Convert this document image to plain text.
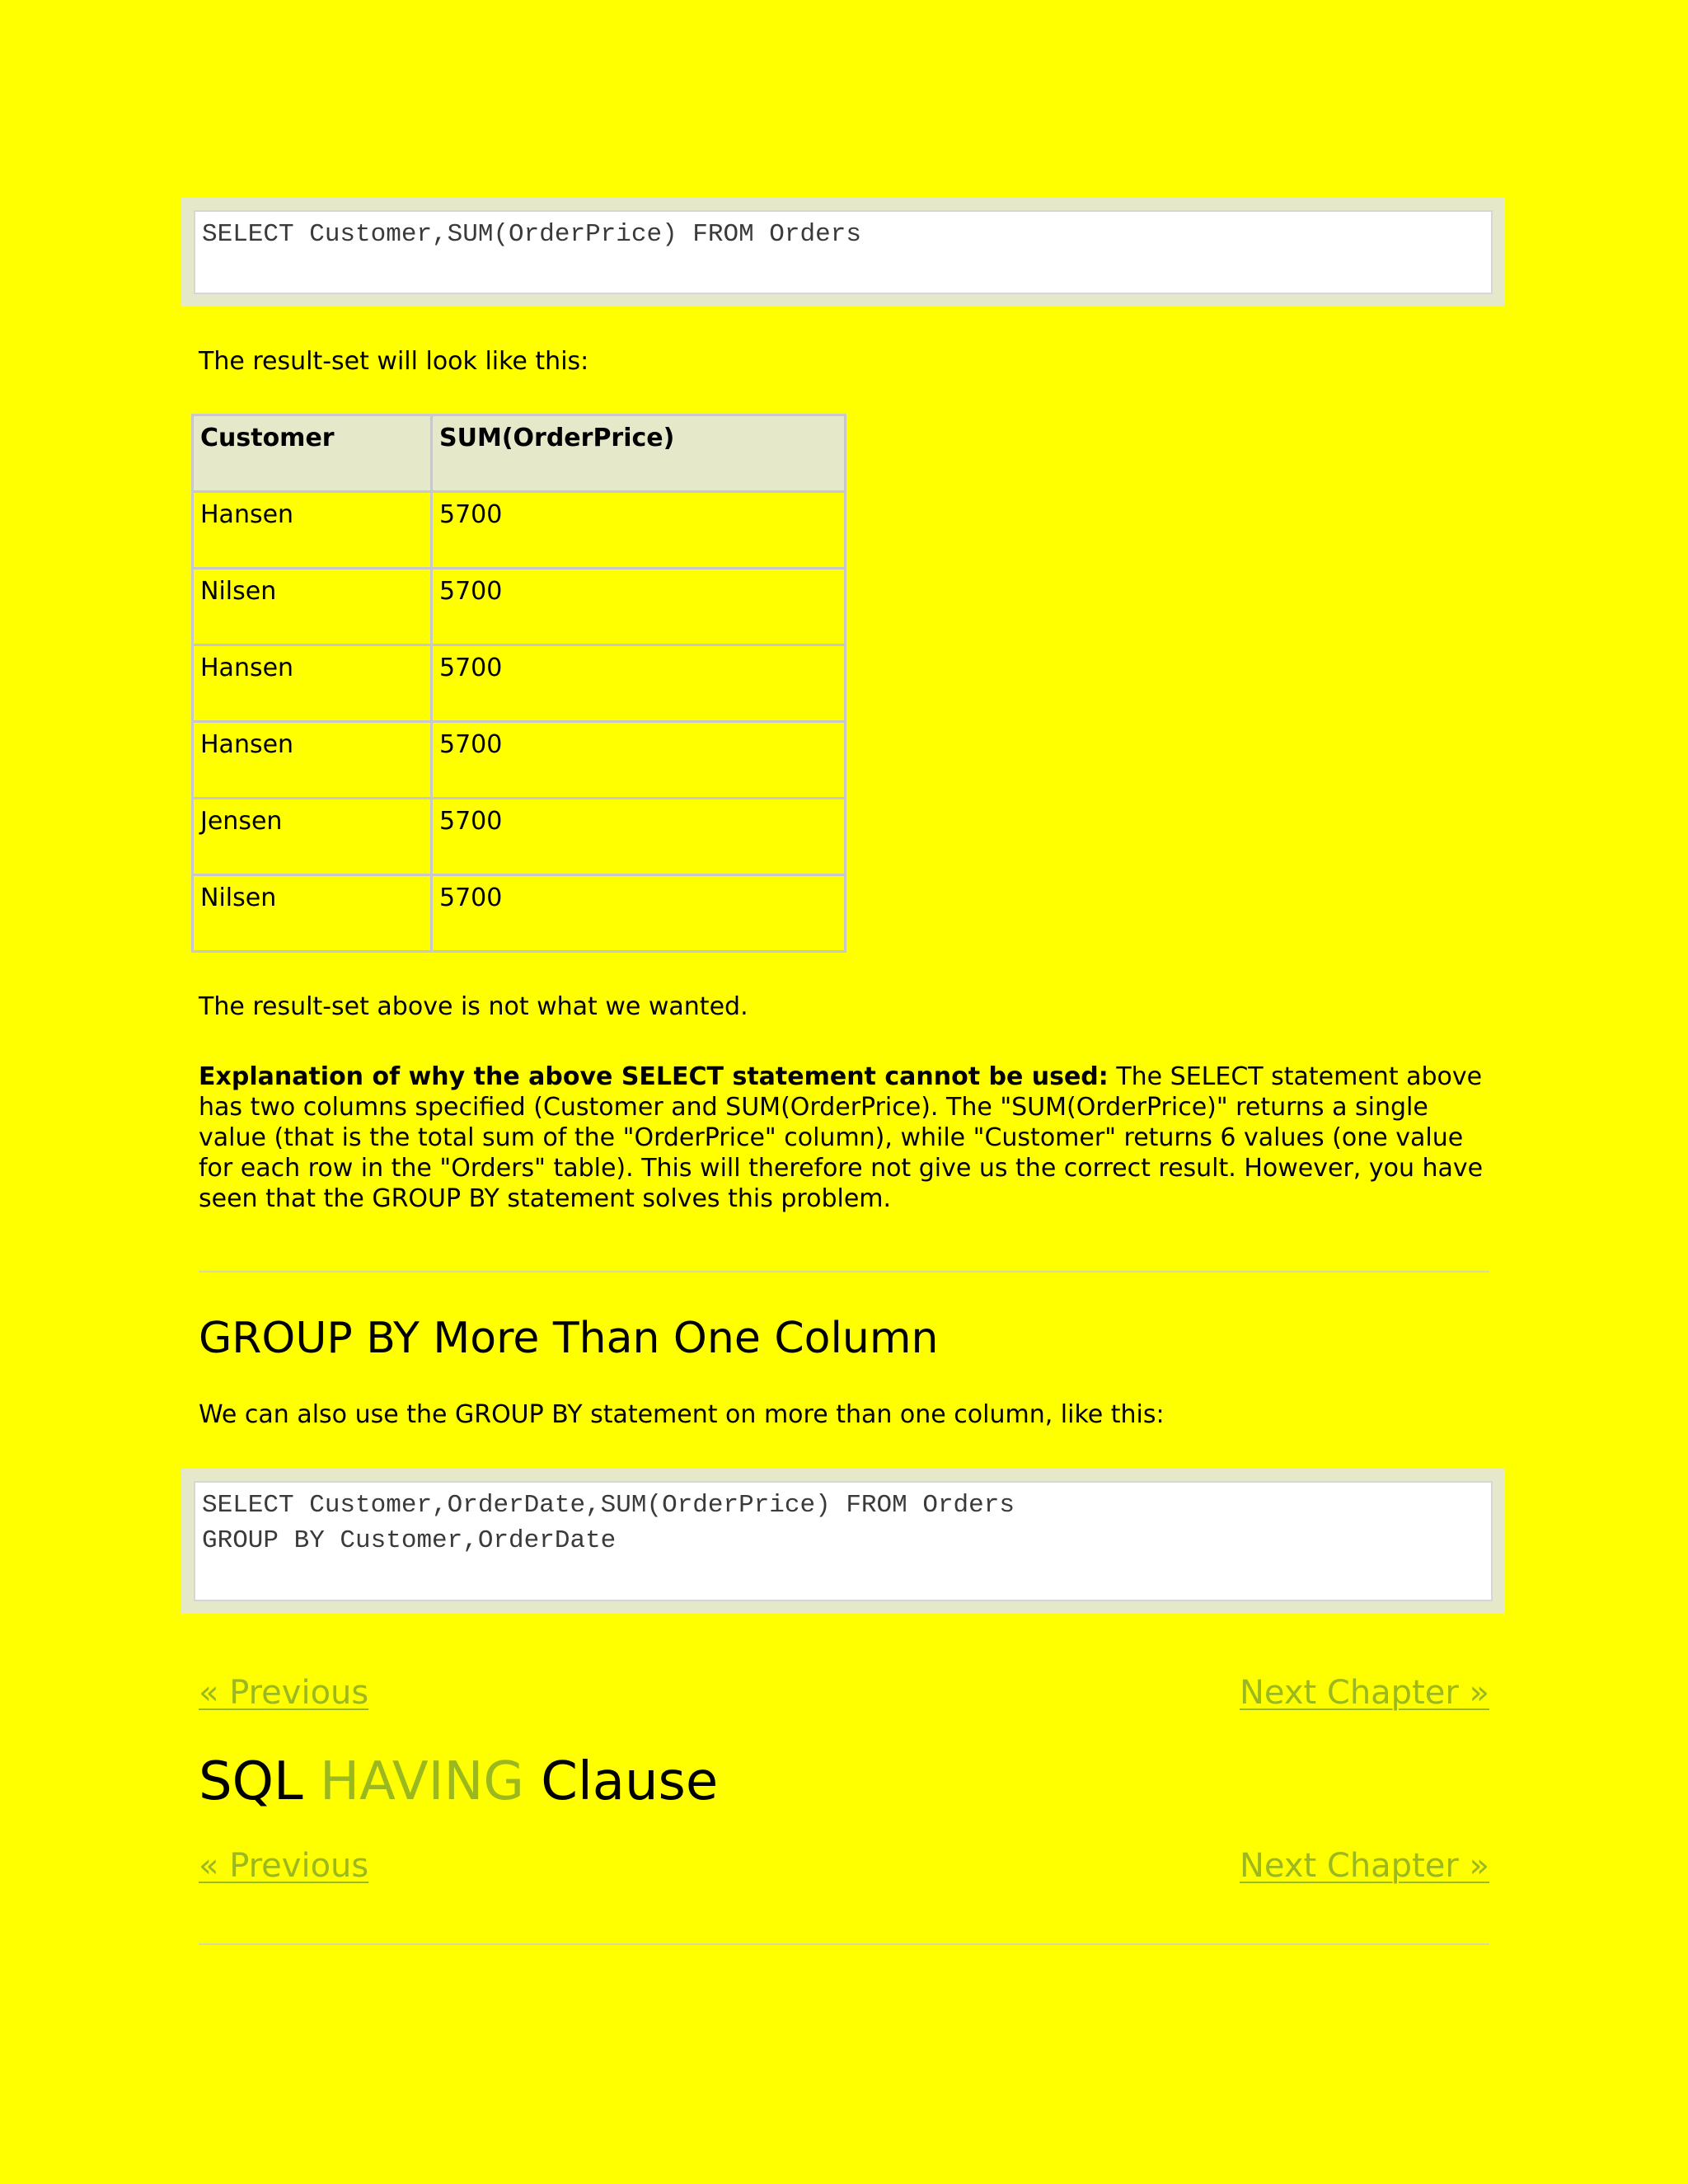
SELECT Customer,SUM(OrderPrice) FROM Orders
The result-set will look like this:
Customer	SUM(OrderPrice)
Hansen	5700
Nilsen	5700
Hansen	5700
Hansen	5700
Jensen	5700
Nilsen	5700
The result-set above is not what we wanted.
Explanation of why the above SELECT statement cannot be used: The SELECT statement above has two columns specified (Customer and SUM(OrderPrice). The "SUM(OrderPrice)" returns a single value (that is the total sum of the "OrderPrice" column), while "Customer" returns 6 values (one value for each row in the "Orders" table). This will therefore not give us the correct result. However, you have seen that the GROUP BY statement solves this problem.
GROUP BY More Than One Column
We can also use the GROUP BY statement on more than one column, like this:
SELECT Customer,OrderDate,SUM(OrderPrice) FROM Orders
GROUP BY Customer,OrderDate
« Previous	Next Chapter »
SQL HAVING Clause
« Previous	Next Chapter »
